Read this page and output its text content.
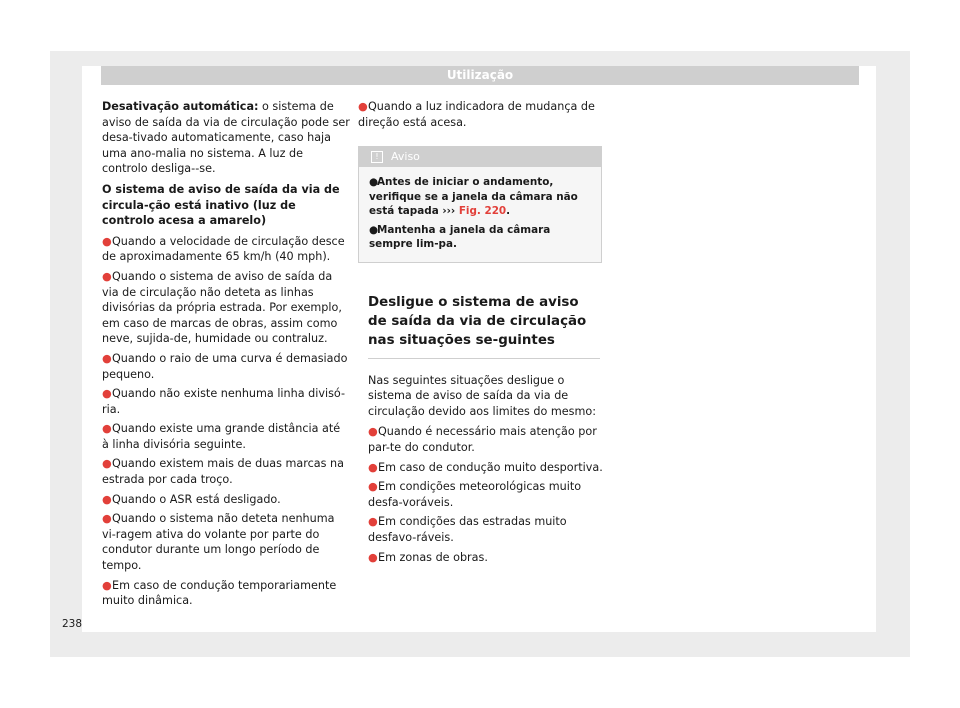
Utilização

Desativação automática: o sistema de aviso de saída da via de circulação pode ser desa-tivado automaticamente, caso haja uma ano-malia no sistema. A luz de controlo desliga--se.

O sistema de aviso de saída da via de circula-ção está inativo (luz de controlo acesa a amarelo)

●Quando a velocidade de circulação desce de aproximadamente 65 km/h (40 mph).
●Quando o sistema de aviso de saída da via de circulação não deteta as linhas divisórias da própria estrada. Por exemplo, em caso de marcas de obras, assim como neve, sujida-de, humidade ou contraluz.
●Quando o raio de uma curva é demasiado pequeno.
●Quando não existe nenhuma linha divisó-ria.
●Quando existe uma grande distância até à linha divisória seguinte.
●Quando existem mais de duas marcas na estrada por cada troço.
●Quando o ASR está desligado.
●Quando o sistema não deteta nenhuma vi-ragem ativa do volante por parte do condutor durante um longo período de tempo.
●Em caso de condução temporariamente muito dinâmica.
●Quando a luz indicadora de mudança de direção está acesa.
! Aviso
●Antes de iniciar o andamento, verifique se a janela da câmara não está tapada ››› Fig. 220.
●Mantenha a janela da câmara sempre lim-pa.
Desligue o sistema de aviso de saída da via de circulação nas situações se-guintes

Nas seguintes situações desligue o sistema de aviso de saída da via de circulação devido aos limites do mesmo:

●Quando é necessário mais atenção por par-te do condutor.
●Em caso de condução muito desportiva.
●Em condições meteorológicas muito desfa-voráveis.
●Em condições das estradas muito desfavo-ráveis.
●Em zonas de obras.
238
